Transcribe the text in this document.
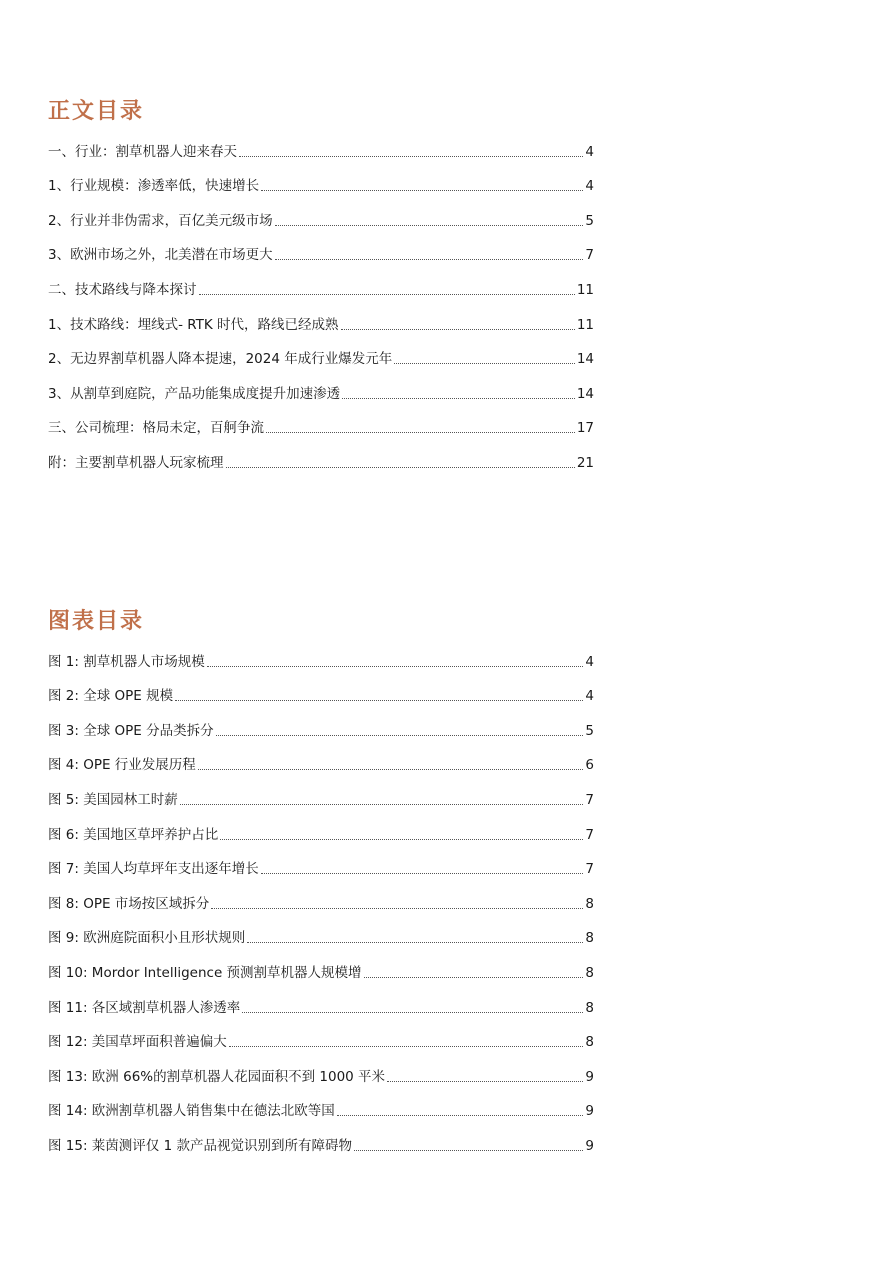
正文目录
一、行业：割草机器人迎来春天	4
1、行业规模：渗透率低，快速增长	4
2、行业并非伪需求，百亿美元级市场	5
3、欧洲市场之外，北美潜在市场更大	7
二、技术路线与降本探讨	11
1、技术路线：埋线式- RTK 时代，路线已经成熟	11
2、无边界割草机器人降本提速，2024 年成行业爆发元年	14
3、从割草到庭院，产品功能集成度提升加速渗透	14
三、公司梳理：格局未定，百舸争流	17
附：主要割草机器人玩家梳理	21
图表目录
图 1: 割草机器人市场规模	4
图 2: 全球 OPE 规模	4
图 3: 全球 OPE 分品类拆分	5
图 4: OPE 行业发展历程	6
图 5: 美国园林工时薪	7
图 6: 美国地区草坪养护占比	7
图 7: 美国人均草坪年支出逐年增长	7
图 8: OPE 市场按区域拆分	8
图 9: 欧洲庭院面积小且形状规则	8
图 10: Mordor Intelligence 预测割草机器人规模增	8
图 11: 各区域割草机器人渗透率	8
图 12: 美国草坪面积普遍偏大	8
图 13: 欧洲 66%的割草机器人花园面积不到 1000 平米	9
图 14: 欧洲割草机器人销售集中在德法北欧等国	9
图 15: 莱茵测评仅 1 款产品视觉识别到所有障碍物	9
